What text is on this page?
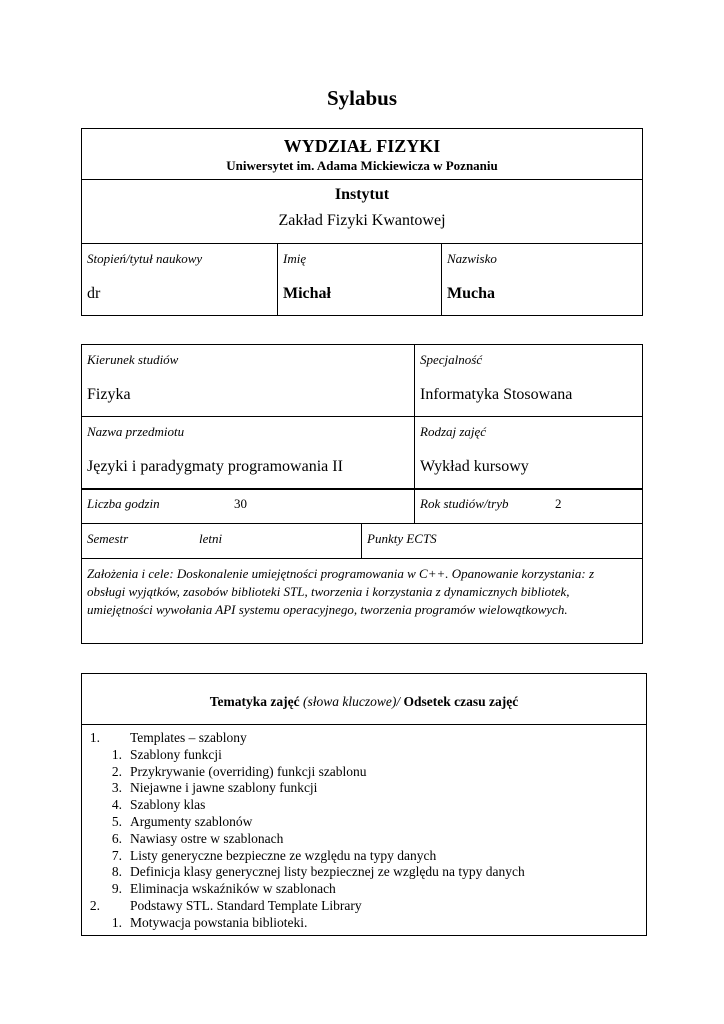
Sylabus
WYDZIAŁ FIZYKI
Uniwersytet im. Adama Mickiewicza w Poznaniu
Instytut
Zakład Fizyki Kwantowej
Stopień/tytuł naukowy
dr
Imię
Michał
Nazwisko
Mucha
Kierunek studiów
Fizyka
Specjalność
Informatyka Stosowana
Nazwa przedmiotu
Języki i paradygmaty programowania II
Rodzaj zajęć
Wykład kursowy
Liczba godzin	30	Rok studiów/tryb	2
Semestr	letni	Punkty ECTS
Założenia i cele: Doskonalenie umiejętności programowania w C++. Opanowanie korzystania: z obsługi wyjątków, zasobów biblioteki STL, tworzenia i korzystania z dynamicznych bibliotek, umiejętności wywołania API systemu operacyjnego, tworzenia programów wielowątkowych.
Tematyka zajęć (słowa kluczowe)/ Odsetek czasu zajęć
1. Templates – szablony
1. Szablony funkcji
2. Przykrywanie (overriding) funkcji szablonu
3. Niejawne i jawne szablony funkcji
4. Szablony klas
5. Argumenty szablonów
6. Nawiasy ostre w szablonach
7. Listy generyczne bezpieczne ze względu na typy danych
8. Definicja klasy generycznej listy bezpiecznej ze względu na typy danych
9. Eliminacja wskaźników w szablonach
2. Podstawy STL. Standard Template Library
1. Motywacja powstania biblioteki.
